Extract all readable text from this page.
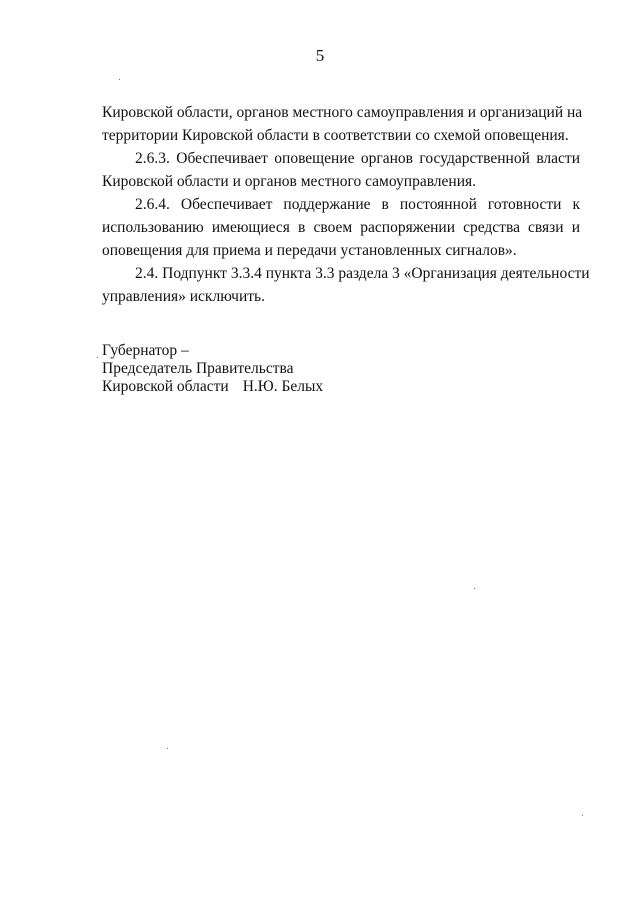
5
Кировской области, органов местного самоуправления и организаций на
территории Кировской области в соответствии со схемой оповещения.
2.6.3. Обеспечивает оповещение органов государственной власти
Кировской области и органов местного самоуправления.
2.6.4. Обеспечивает поддержание в постоянной готовности к
использованию имеющиеся в своем распоряжении средства связи и
оповещения для приема и передачи установленных сигналов».
2.4. Подпункт 3.3.4 пункта 3.3 раздела 3 «Организация деятельности
управления» исключить.
Губернатор –
Председатель Правительства
Кировской области Н.Ю. Белых
